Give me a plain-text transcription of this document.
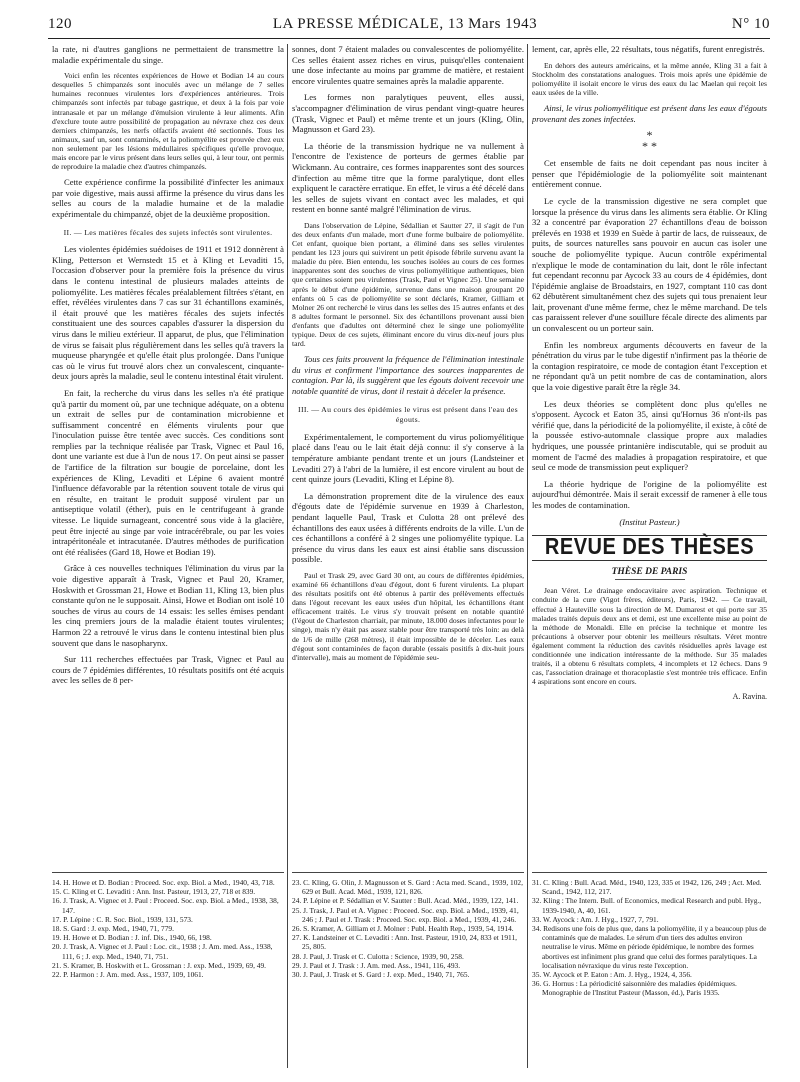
120	LA PRESSE MÉDICALE, 13 Mars 1943	N° 10

la rate, ni d'autres ganglions ne permettaient de transmettre la maladie expérimentale du singe.

Voici enfin les récentes expériences de Howe et Bodian 14 au cours desquelles 5 chimpanzés sont inoculés avec un mélange de 7 selles humaines reconnues virulentes lors d'expériences antérieures. Trois chimpanzés sont infectés par tubage gastrique, et deux à la fois par voie intranasale et par un mélange d'émulsion virulente à leur aliments. Afin d'exclure toute autre possibilité de propagation au névraxe chez ces deux derniers chimpanzés, les nerfs olfactifs avaient été sectionnés. Tous les animaux, sauf un, sont contaminés, et la poliomyélite est prouvée chez eux non seulement par les lésions médullaires spécifiques qu'elle provoque, mais encore par le virus présent dans leurs selles qui, à leur tour, ont permis de reproduire la maladie chez d'autres chimpanzés.

Cette expérience confirme la possibilité d'infecter les animaux par voie digestive, mais aussi affirme la présence du virus dans les selles au cours de la maladie humaine et de la maladie expérimentale du chimpanzé, objet de la deuxième proposition.

II. — Les matières fécales des sujets infectés sont virulentes.

Les violentes épidémies suédoises de 1911 et 1912 donnèrent à Kling, Petterson et Wernstedt 15 et à Kling et Levaditi 15, l'occasion d'observer pour la première fois la présence du virus dans le contenu intestinal de plusieurs malades atteints de poliomyélite. Les matières fécales préalablement filtrées s'étant, en effet, révélées virulentes dans 7 cas sur 31 échantillons examinés, il était prouvé que les matières fécales des sujets infectés constituaient une des sources capables d'assurer la dispersion du virus dans le milieu extérieur. Il apparut, de plus, que l'élimination de virus se faisait plus régulièrement dans les selles qu'à travers la muqueuse pharyngée et qu'elle était plus prolongée. Dans l'unique cas où le virus fut trouvé alors chez un convalescent, cinquante-deux jours après la maladie, seul le contenu intestinal était virulent.

En fait, la recherche du virus dans les selles n'a été pratique qu'à partir du moment où, par une technique adéquate, on a obtenu un extrait de selles pur de contamination microbienne et suffisamment concentré en éléments virulents pour que l'inoculation puisse être tentée avec succès. Ces conditions sont remplies par la technique réalisée par Trask, Vignec et Paul 16, dont une variante est due à l'un de nous 17. On peut ainsi se passer de l'artifice de la filtration sur bougie de porcelaine, dont les expériences de Kling, Levaditi et Lépine 6 avaient montré l'influence défavorable par la rétention souvent totale de virus qui en résulte, en traitant le produit supposé virulent par un antiseptique volatil (éther), puis en le centrifugeant à grande vitesse. Le liquide surnageant, concentré sous vide à la glacière, peut être injecté au singe par voie intracérébrale, ou par les voies intrapéritonéale et intracutanée. D'autres méthodes de purification ont été réalisées (Gard 18, Howe et Bodian 19).

Grâce à ces nouvelles techniques l'élimination du virus par la voie digestive apparaît à Trask, Vignec et Paul 20, Kramer, Hoskwith et Grossman 21, Howe et Bodian 11, Kling 13, bien plus constante qu'on ne le supposait. Ainsi, Howe et Bodian ont isolé 10 souches de virus au cours de 14 essais: les selles émises pendant les cinq premiers jours de la maladie étaient toutes virulentes; Harmon 22 a retrouvé le virus dans le contenu intestinal bien plus souvent que dans le nasopharynx.

Sur 111 recherches effectuées par Trask, Vignec et Paul au cours de 7 épidémies différentes, 10 résultats positifs ont été acquis avec les selles de 8 per-

sonnes, dont 7 étaient malades ou convalescentes de poliomyélite. Ces selles étaient assez riches en virus, puisqu'elles contenaient une dose infectante au moins par gramme de matière, et restaient encore virulentes quatre semaines après la maladie apparente.

Les formes non paralytiques peuvent, elles aussi, s'accompagner d'élimination de virus pendant vingt-quatre heures (Trask, Vignec et Paul) et même trente et un jours (Kling, Olin, Magnusson et Gard 23).

La théorie de la transmission hydrique ne va nullement à l'encontre de l'existence de porteurs de germes établie par Wickmann. Au contraire, ces formes inapparentes sont des sources d'infection au même titre que la forme paralytique, dont elles expliquent le caractère erratique. En effet, le virus a été décelé dans les selles de sujets vivant en contact avec les malades, et qui restent en bonne santé malgré l'élimination de virus.

Dans l'observation de Lépine, Sédallian et Sautter 27, il s'agit de l'un des deux enfants d'un malade, mort d'une forme bulbaire de poliomyélite. Cet enfant, quoique bien portant, a éliminé dans ses selles virulentes pendant les 123 jours qui suivirent un petit épisode fébrile survenu avant la maladie du père. Bien entendu, les souches isolées au cours de ces formes inapparentes sont des souches de virus poliomyélitique authentiques, bien que certaines soient peu virulentes (Trask, Paul et Vignec 25). Une semaine après le début d'une épidémie, survenue dans une maison groupant 20 enfants où 5 cas de poliomyélite se sont déclarés, Kramer, Gilliam et Molner 26 ont recherché le virus dans les selles des 15 autres enfants et des 8 adultes formant le personnel. Six des échantillons provenant aussi bien d'enfants que d'adultes ont déterminé chez le singe une poliomyélite typique. Deux de ces sujets, éliminant encore du virus dix-neuf jours plus tard.

Tous ces faits prouvent la fréquence de l'élimination intestinale du virus et confirment l'importance des sources inapparentes de contagion. Par là, ils suggèrent que les égouts doivent recevoir une notable quantité de virus, dont il restait à déceler la présence.

III. — Au cours des épidémies le virus est présent dans l'eau des égouts.

Expérimentalement, le comportement du virus poliomyélitique placé dans l'eau ou le lait était déjà connu: il s'y conserve à la température ambiante pendant trente et un jours (Landsteiner et Levaditi 27) à l'abri de la lumière, il est encore virulent au bout de cent quinze jours (Levaditi, Kling et Lépine 8).

La démonstration proprement dite de la virulence des eaux d'égouts date de l'épidémie survenue en 1939 à Charleston, pendant laquelle Paul, Trask et Culotta 28 ont prélevé des échantillons des eaux usées à différents endroits de la ville. L'un de ces échantillons a conféré à 2 singes une poliomyélite typique. La présence du virus dans les eaux est ainsi établie sans discussion possible.

Paul et Trask 29, avec Gard 30 ont, au cours de différentes épidémies, examiné 66 échantillons d'eau d'égout, dont 6 furent virulents. La plupart des résultats positifs ont été obtenus à partir des prélèvements effectués dans l'égout recevant les eaux usées d'un hôpital, les échantillons étant efficacement traités. Le virus s'y trouvait présent en notable quantité (l'égout de Charleston charriait, par minute, 18.000 doses infectantes pour le singe), mais n'y était pas assez stable pour être transporté très loin: au delà de 1/6 de mille (268 mètres), il était impossible de le déceler. Les eaux d'égout sont contaminées de façon durable (essais positifs à dix-huit jours d'intervalle), mais au moment de l'épidémie seu-

lement, car, après elle, 22 résultats, tous négatifs, furent enregistrés.

En dehors des auteurs américains, et la même année, Kling 31 a fait à Stockholm des constatations analogues. Trois mois après une épidémie de poliomyélite il isolait encore le virus des eaux du lac Maelan qui reçoit les eaux usées de la ville.

Ainsi, le virus poliomyélitique est présent dans les eaux d'égouts provenant des zones infectées.

*
* *

Cet ensemble de faits ne doit cependant pas nous inciter à penser que l'épidémiologie de la poliomyélite soit maintenant entièrement connue.

Le cycle de la transmission digestive ne sera complet que lorsque la présence du virus dans les aliments sera établie. Or Kling 32 a concentré par évaporation 27 échantillons d'eau de boisson prélevés en 1938 et 1939 en Suède à partir de lacs, de ruisseaux, de puits, de sources naturelles sans pouvoir en aucun cas isoler une souche de poliomyélite typique. Aucun contrôle expérimental n'explique le mode de contamination du lait, dont le rôle infectant fut cependant reconnu par Aycock 33 au cours de 4 épidémies, dont l'épidémie anglaise de Broadstairs, en 1927, comptant 110 cas dont 62 débutèrent simultanément chez des sujets qui tous prenaient leur lait, provenant d'une même ferme, chez le même marchand. De tels cas paraissent relever d'une souillure fécale directe des aliments par un convalescent ou un porteur sain.

Enfin les nombreux arguments découverts en faveur de la pénétration du virus par le tube digestif n'infirment pas la théorie de la contagion respiratoire, ce mode de contagion étant l'exception et ne répondant qu'à un petit nombre de cas de contamination, alors que la voie digestive paraît être la règle 34.

Les deux théories se complètent donc plus qu'elles ne s'opposent. Aycock et Eaton 35, ainsi qu'Hornus 36 n'ont-ils pas vérifié que, dans la périodicité de la poliomyélite, il existe, à côté de la poussée estivo-automnale classique propre aux maladies hydriques, une poussée printanière indiscutable, qui se produit au moment de l'acmé des maladies à propagation respiratoire, et que seul ce mode de transmission peut expliquer?

La théorie hydrique de l'origine de la poliomyélite est aujourd'hui démontrée. Mais il serait excessif de ramener à elle tous les modes de contamination.

(Institut Pasteur.)
REVUE DES THÈSES
THÈSE DE PARIS

Jean Véret. Le drainage endocavitaire avec aspiration. Technique et conduite de la cure (Vigot frères, éditeurs), Paris, 1942. — Ce travail, effectué à Hauteville sous la direction de M. Dumarest et qui porte sur 35 malades traités depuis deux ans et demi, est une excellente mise au point de la méthode de Monaldi. Elle en précise la technique et montre les précautions à observer pour obtenir les meilleurs résultats. Véret montre également comment la réduction des cavités résiduelles après lavage est conditionnée une indication intéressante de la méthode. Sur 35 malades traités, il a obtenu 6 résultats complets, 4 incomplets et 12 échecs. Dans 9 cas, l'association drainage et thoracoplastie s'est montrée très efficace. Enfin 4 aspirations sont encore en cours.

A. Ravina.
14. H. Howe et D. Bodian : Proceed. Soc. exp. Biol. a Med., 1940, 43, 718.
15. C. Kling et C. Levaditi : Ann. Inst. Pasteur, 1913, 27, 718 et 839.
16. J. Trask, A. Vignec et J. Paul : Proceed. Soc. exp. Biol. a Med., 1938, 38, 147.
17. P. Lépine : C. R. Soc. Biol., 1939, 131, 573.
18. S. Gard : J. exp. Med., 1940, 71, 779.
19. H. Howe et D. Bodian : J. inf. Dis., 1940, 66, 198.
20. J. Trask, A. Vignec et J. Paul : Loc. cit., 1938 ; J. Am. med. Ass., 1938, 111, 6 ; J. exp. Med., 1940, 71, 751.
21. S. Kramer, B. Hoskwith et L. Grossman : J. exp. Med., 1939, 69, 49.
22. P. Harmon : J. Am. med. Ass., 1937, 109, 1061.
23. C. Kling, G. Olin, J. Magnusson et S. Gard : Acta med. Scand., 1939, 102, 629 et Bull. Acad. Méd., 1939, 121, 826.
24. P. Lépine et P. Sédallian et V. Sautter : Bull. Acad. Méd., 1939, 122, 141.
25. J. Trask, J. Paul et A. Vignec : Proceed. Soc. exp. Biol. a Med., 1939, 41, 246 ; J. Paul et J. Trask : Proceed. Soc. exp. Biol. a Med., 1939, 41, 246.
26. S. Kramer, A. Gilliam et J. Molner : Publ. Health Rep., 1939, 54, 1914.
27. K. Landsteiner et C. Levaditi : Ann. Inst. Pasteur, 1910, 24, 833 et 1911, 25, 805.
28. J. Paul, J. Trask et C. Culotta : Science, 1939, 90, 258.
29. J. Paul et J. Trask : J. Am. med. Ass., 1941, 116, 493.
30. J. Paul, J. Trask et S. Gard : J. exp. Med., 1940, 71, 765.
31. C. Kling : Bull. Acad. Méd., 1940, 123, 335 et 1942, 126, 249 ; Act. Med. Scand., 1942, 112, 217.
32. Kling : The Intern. Bull. of Economics, medical Research and publ. Hyg., 1939-1940, A, 40, 161.
33. W. Aycock : Am. J. Hyg., 1927, 7, 791.
34. Redisons une fois de plus que, dans la poliomyélite, il y a beaucoup plus de contaminés que de malades. Le sérum d'un tiers des adultes environ neutralise le virus. Même en période épidémique, le nombre des formes abortives est infiniment plus grand que celui des formes paralytiques. La localisation névraxique du virus reste l'exception.
35. W. Aycock et P. Eaton : Am. J. Hyg., 1924, 4, 356.
36. G. Hornus : La périodicité saisonnière des maladies épidémiques. Monographie de l'Institut Pasteur (Masson, éd.), Paris 1935.
